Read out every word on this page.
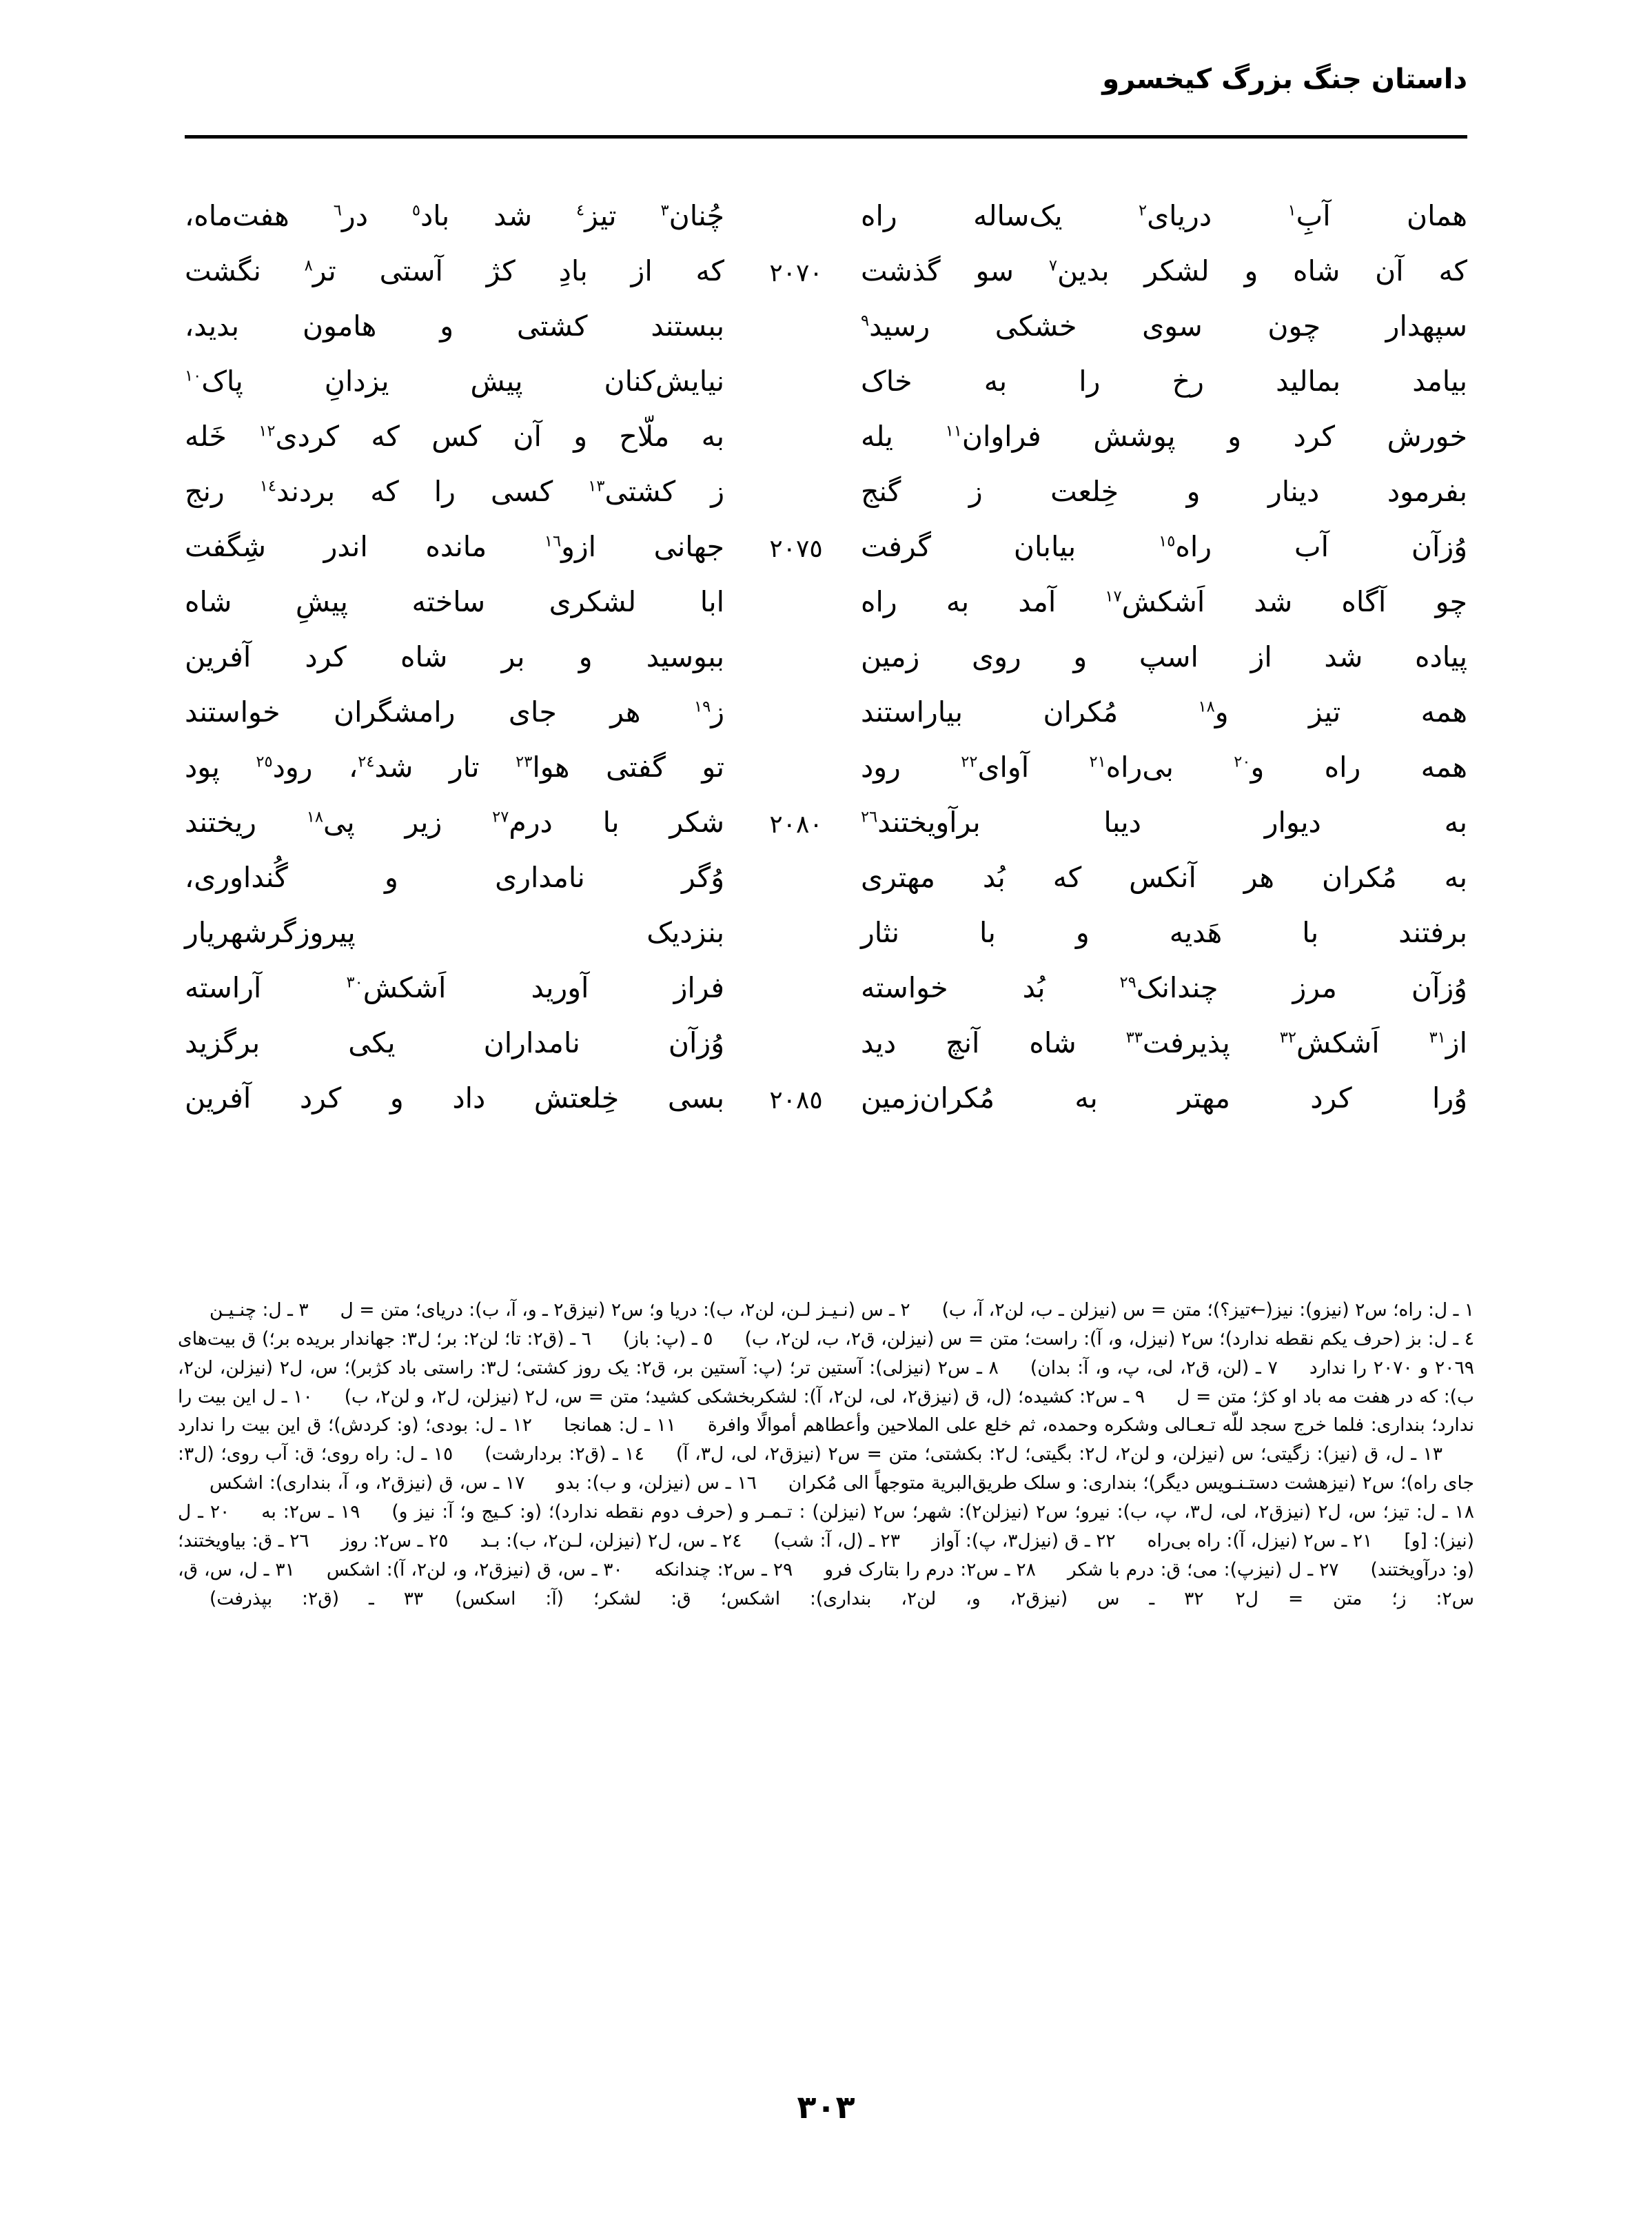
داستان جنگ بزرگ کیخسرو
همان آبِ$^١$ دریای$^٢$ یک‌ساله راه
چُنان$^٣$ تیز$^٤$ شد باد$^٥$ در$^٦$ هفت‌ماه،
که آن شاه و لشکر بدین$^٧$ سو گذشت
٢٠٧٠
که از بادِ کژ آستی تر$^٨$ نگشت
سپهدار چون سوی خشکی رسید$^٩$
ببستند کشتی و هامون بدید،
بیامد بمالید رخ را به خاک
نیایش‌کنان پیش یزدانِ پاک$^{١٠}$
خورش کرد و پوشش فراوان$^{١١}$ یله
به ملّاح و آن کس که کردی$^{١٢}$ خَله
بفرمود دینار و خِلعت ز گنج
ز کشتی$^{١٣}$ کسی را که بردند$^{١٤}$ رنج
وُزآن آب راه$^{١٥}$ بیابان گرفت
٢٠٧٥
جهانی ازو$^{١٦}$ مانده اندر شِگفت
چو آگاه شد اَشکش$^{١٧}$ آمد به راه
ابا لشکری ساخته پیشِ شاه
پیاده شد از اسپ و روی زمین
ببوسید و بر شاه کرد آفرین
همه تیز و$^{١٨}$ مُکران بیاراستند
ز$^{١٩}$ هر جای رامشگران خواستند
همه راه و$^{٢٠}$ بی‌راه$^{٢١}$ آوای$^{٢٢}$ رود
تو گفتی هوا$^{٢٣}$ تار شد$^{٢٤}$، رود$^{٢٥}$ پود
به دیوار دیبا برآویختند$^{٢٦}$
٢٠٨٠
شکر با درم$^{٢٧}$ زیر پی$^{١٨}$ ریختند
به مُکران هر آنکس که بُد مهتری
وُگر نامداری و گُنداوری،
برفتند با هَدیه و با نثار
بنزدیک پیروزگرشهریار
وُزآن مرز چندانک$^{٢٩}$ بُد خواسته
فراز آورید اَشکش$^{٣٠}$ آراسته
از$^{٣١}$ اَشکش$^{٣٢}$ پذیرفت$^{٣٣}$ شاه آنچ دید
وُزآن نامداران یکی برگزید
وُرا کرد مهتر به مُکران‌زمین
٢٠٨٥
بسی خِلعتش داد و کرد آفرین
١ ـ ل: راه؛ س٢ (نیزو): نیز(←تیز؟)؛ متن = س (نیزلن ـ ب، لن٢، آ، ب)٢ ـ س (نـیـز لـن، لن٢، ب): دریا و؛ س٢ (نیزق٢ ـ و، آ، ب): دریای؛ متن = ل٣ ـ ل: چنـیـن٤ ـ ل: بز (حرف یکم نقطه ندارد)؛ س٢ (نیزل، و، آ): راست؛ متن = س (نیزلن، ق٢، ب، لن٢، ب)٥ ـ (پ: باز)٦ ـ (ق٢: تا؛ لن٢: بر؛ ل٣: جهاندار بریده بر؛) ق بیت‌های ٢٠٦٩ و ٢٠٧٠ را ندارد٧ ـ (لن، ق٢، لی، پ، و، آ: بدان)٨ ـ س٢ (نیزلی): آستین تر؛ (پ: آستین بر، ق٢: یک روز کشتی؛ ل٣: راستی باد کژبر)؛ س، ل٢ (نیزلن، لن٢، ب): که در هفت مه باد او کژ؛ متن = ل٩ ـ س٢: کشیده؛ (ل، ق (نیزق٢، لی، لن٢، آ): لشکربخشکی کشید؛ متن = س، ل٢ (نیزلن، ل٢، و لن٢، ب)١٠ ـ ل این بیت را ندارد؛ بنداری: فلما خرج سجد للّه تـعـالی وشکره وحمده، ثم خلع علی الملاحین وأعطاهم أموالًا وافرة١١ ـ ل: همانجا١٢ ـ ل: بودی؛ (و: کردش)؛ ق این بیت را ندارد١٣ ـ ل، ق (نیز): زگیتی؛ س (نیزلن، و لن٢، ل٢: بگیتی؛ ل٢: بکشتی؛ متن = س٢ (نیزق٢، لی، ل٣، آ)١٤ ـ (ق٢: بردارشت)١٥ ـ ل: راه روی؛ ق: آب روی؛ (ل٣: جای راه)؛ س٢ (نیزهشت دستـنـویس دیگر)؛ بنداری: و سلک طریق‌البریة متوجهاً الی مُکران١٦ ـ س (نیزلن، و ب): بدو١٧ ـ س، ق (نیزق٢، و، آ، بنداری): اشکس١٨ ـ ل: تیز؛ س، ل٢ (نیزق٢، لی، ل٣، پ، ب): نیرو؛ س٢ (نیزلن٢): شهر؛ س٢ (نیزلن) : تـمـر و (حرف دوم نقطه ندارد)؛ (و: کـیج و؛ آ: نیز و)١٩ ـ س٢: به٢٠ ـ ل (نیز): [و]٢١ ـ س٢ (نیزل، آ): راه بی‌راه٢٢ ـ ق (نیزل٣، پ): آواز٢٣ ـ (ل، آ: شب)٢٤ ـ س، ل٢ (نیزلن، لـن٢، ب): بـد٢٥ ـ س٢: روز٢٦ ـ ق: بیاویختند؛ (و: درآویختند)٢٧ ـ ل (نیزپ): می؛ ق: درم با شکر٢٨ ـ س٢: درم را بتارک فرو٢٩ ـ س٢: چندانکه٣٠ ـ س، ق (نیزق٢، و، لن٢، آ): اشکس٣١ ـ ل، س، ق، س٢: ز؛ متن = ل٢٣٢ ـ س (نیزق٢، و، لن٢، بنداری): اشکس؛ ق: لشکر؛ (آ: اسکس)٣٣ ـ (ق٢: بپذرفت)
٣٠٣
